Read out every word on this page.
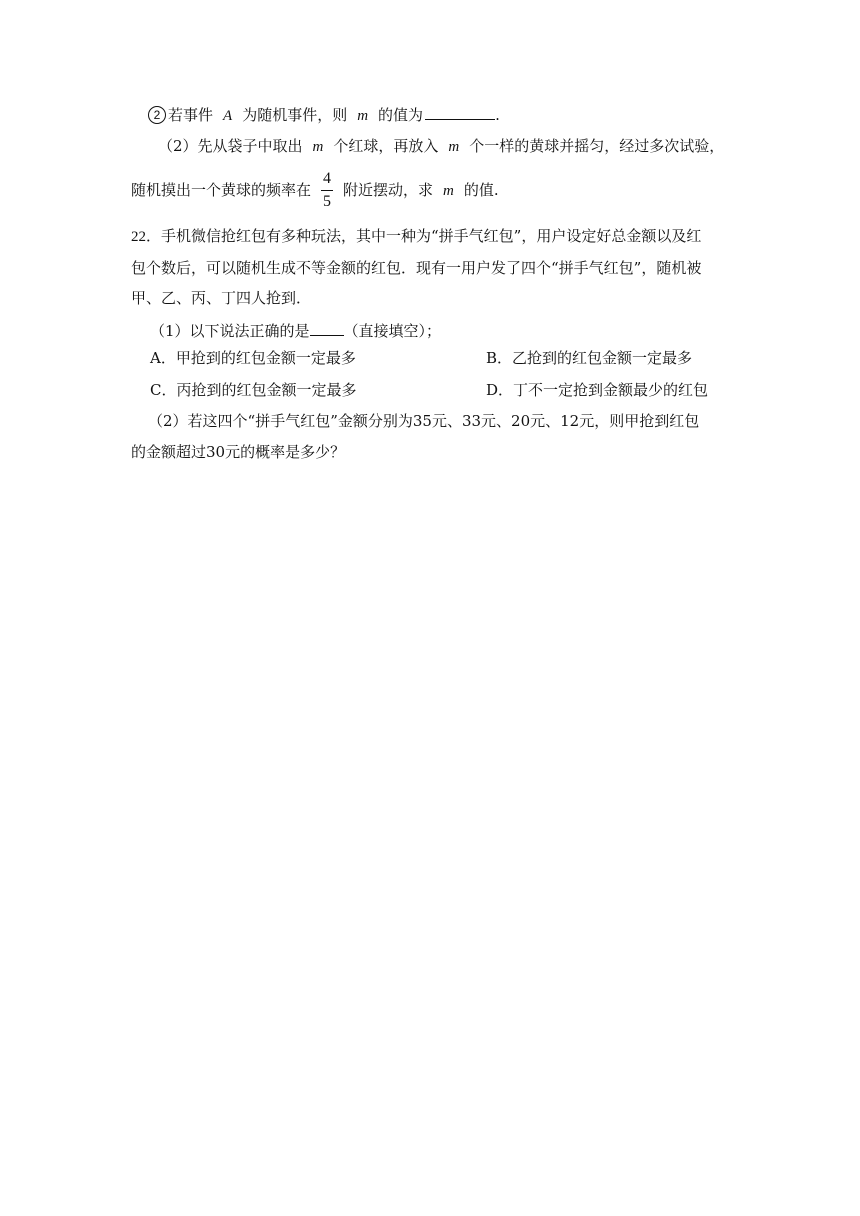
2 若事件 A 为随机事件，则 m 的值为	.
（2）先从袋子中取出 m 个红球，再放入 m 个一样的黄球并摇匀，经过多次试验，
随机摸出一个黄球的频率在 $\frac{4}{5}$ 附近摆动，求 m 的值.
22．手机微信抢红包有多种玩法，其中一种为“拼手气红包”，用户设定好总金额以及红
包个数后，可以随机生成不等金额的红包．现有一用户发了四个“拼手气红包”，随机被
甲、乙、丙、丁四人抢到．
（1）以下说法正确的是 （直接填空）；
A．甲抢到的红包金额一定最多	B．乙抢到的红包金额一定最多
C．丙抢到的红包金额一定最多	D．丁不一定抢到金额最少的红包
（2）若这四个“拼手气红包”金额分别为35元、33元、20元、12元，则甲抢到红包
的金额超过30元的概率是多少？
